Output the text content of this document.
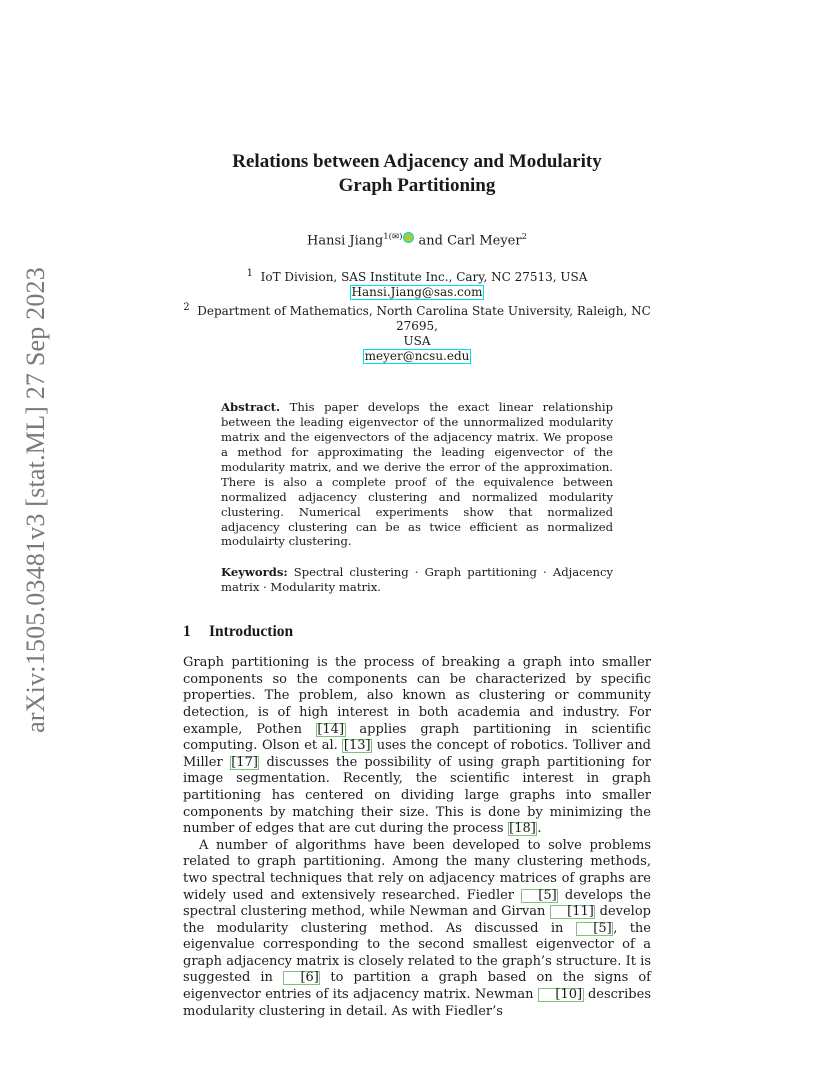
arXiv:1505.03481v3 [stat.ML] 27 Sep 2023
Relations between Adjacency and Modularity
Graph Partitioning
Hansi Jiang$^{1(✉)}$ and Carl Meyer$^2$
$^1$ IoT Division, SAS Institute Inc., Cary, NC 27513, USA
Hansi.Jiang@sas.com
$^2$ Department of Mathematics, North Carolina State University, Raleigh, NC 27695,
USA
meyer@ncsu.edu
Abstract. This paper develops the exact linear relationship between the leading eigenvector of the unnormalized modularity matrix and the eigenvectors of the adjacency matrix. We propose a method for approximating the leading eigenvector of the modularity matrix, and we derive the error of the approximation. There is also a complete proof of the equivalence between normalized adjacency clustering and normalized modularity clustering. Numerical experiments show that normalized adjacency clustering can be as twice efficient as normalized modulairty clustering.
Keywords: Spectral clustering · Graph partitioning · Adjacency matrix · Modularity matrix.
1 Introduction
Graph partitioning is the process of breaking a graph into smaller components so the components can be characterized by specific properties. The problem, also known as clustering or community detection, is of high interest in both academia and industry. For example, Pothen [14] applies graph partitioning in scientific computing. Olson et al. [13] uses the concept of robotics. Tolliver and Miller [17] discusses the possibility of using graph partitioning for image segmentation. Recently, the scientific interest in graph partitioning has centered on dividing large graphs into smaller components by matching their size. This is done by minimizing the number of edges that are cut during the process [18] .
A number of algorithms have been developed to solve problems related to graph partitioning. Among the many clustering methods, two spectral techniques that rely on adjacency matrices of graphs are widely used and extensively researched. Fiedler [5] develops the spectral clustering method, while Newman and Girvan [11] develop the modularity clustering method. As discussed in [5] , the eigenvalue corresponding to the second smallest eigenvector of a graph adjacency matrix is closely related to the graph’s structure. It is suggested in [6] to partition a graph based on the signs of eigenvector entries of its adjacency matrix. Newman [10] describes modularity clustering in detail. As with Fiedler’s
